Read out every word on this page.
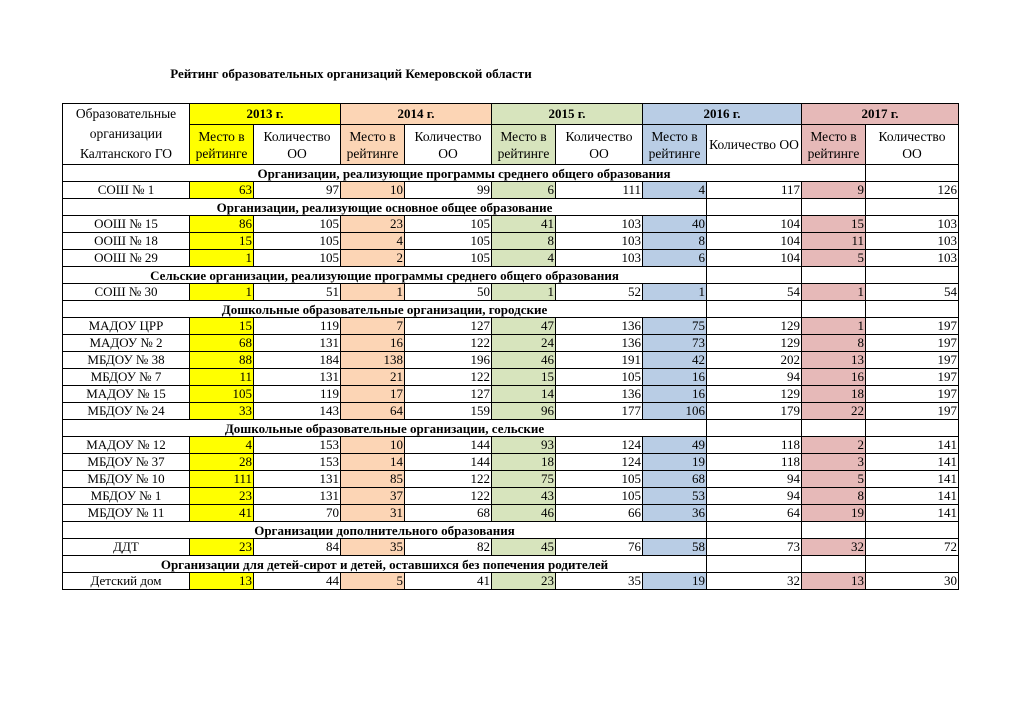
Рейтинг образовательных организаций Кемеровской области
Образовательные организации Калтанского ГО	2013 г.		2014 г.		2015 г.		2016 г.		2017 г.	
	Место в рейтинге	Количество ОО	Место в рейтинге	Количество ОО	Место в рейтинге	Количество ОО	Место в рейтинге	Количество ОО	Место в рейтинге	Количество ОО
Организации, реализующие программы среднего общего образования										
СОШ № 1	63	97	10	99	6	111	4	117	9	126
Организации, реализующие основное общее образование										
ООШ № 15	86	105	23	105	41	103	40	104	15	103
ООШ № 18	15	105	4	105	8	103	8	104	11	103
ООШ № 29	1	105	2	105	4	103	6	104	5	103
Сельские организации, реализующие программы среднего общего образования										
СОШ № 30	1	51	1	50	1	52	1	54	1	54
Дошкольные образовательные организации, городские										
МАДОУ ЦРР	15	119	7	127	47	136	75	129	1	197
МАДОУ № 2	68	131	16	122	24	136	73	129	8	197
МБДОУ № 38	88	184	138	196	46	191	42	202	13	197
МБДОУ № 7	11	131	21	122	15	105	16	94	16	197
МАДОУ № 15	105	119	17	127	14	136	16	129	18	197
МБДОУ № 24	33	143	64	159	96	177	106	179	22	197
Дошкольные образовательные организации, сельские										
МАДОУ № 12	4	153	10	144	93	124	49	118	2	141
МБДОУ № 37	28	153	14	144	18	124	19	118	3	141
МБДОУ № 10	111	131	85	122	75	105	68	94	5	141
МБДОУ № 1	23	131	37	122	43	105	53	94	8	141
МБДОУ № 11	41	70	31	68	46	66	36	64	19	141
Организации дополнительного образования										
ДДТ	23	84	35	82	45	76	58	73	32	72
Организации для детей-сирот и детей, оставшихся без попечения родителей										
Детский дом	13	44	5	41	23	35	19	32	13	30
